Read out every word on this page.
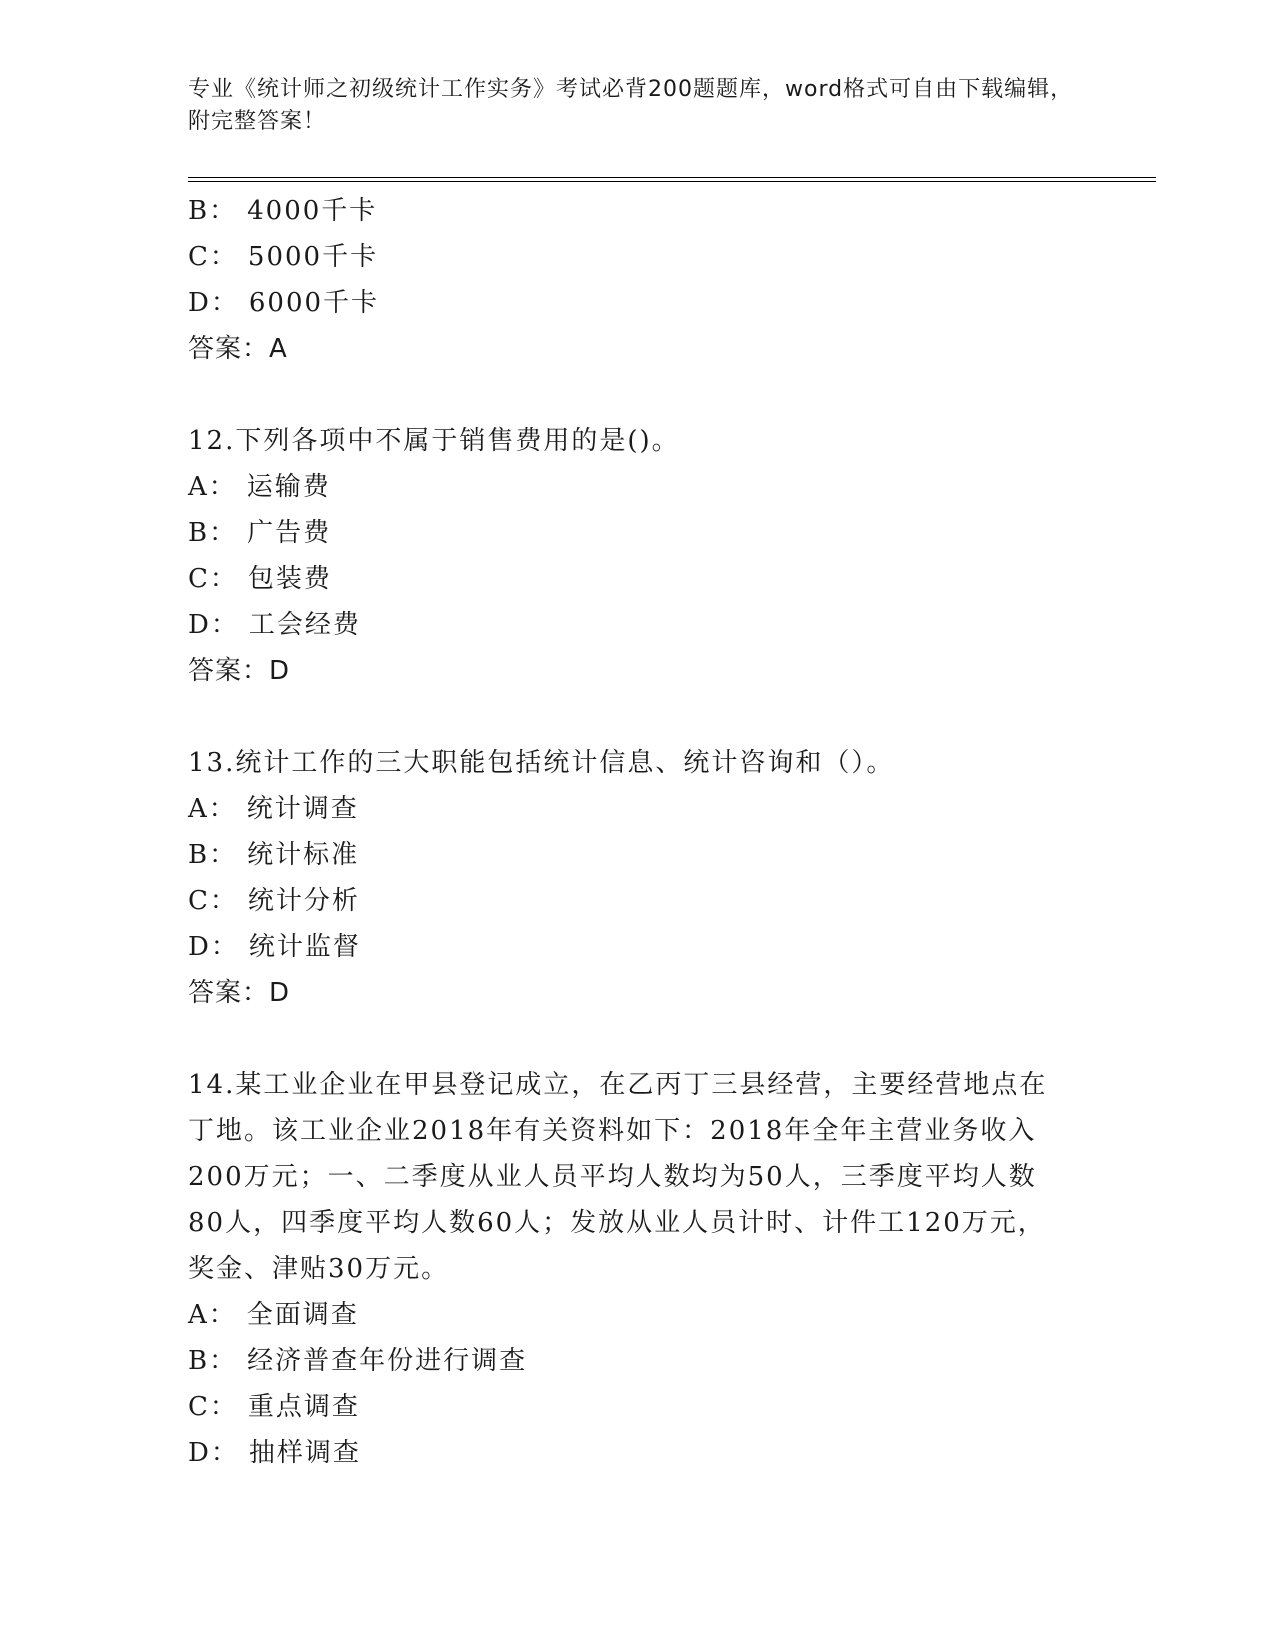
专业《统计师之初级统计工作实务》考试必背200题题库，word格式可自由下载编辑，附完整答案！
B： 4000千卡
C： 5000千卡
D： 6000千卡
答案：A
12.下列各项中不属于销售费用的是()。
A： 运输费
B： 广告费
C： 包装费
D： 工会经费
答案：D
13.统计工作的三大职能包括统计信息、统计咨询和（）。
A： 统计调查
B： 统计标准
C： 统计分析
D： 统计监督
答案：D
14.某工业企业在甲县登记成立，在乙丙丁三县经营，主要经营地点在丁地。该工业企业2018年有关资料如下：2018年全年主营业务收入200万元；一、二季度从业人员平均人数均为50人，三季度平均人数80人，四季度平均人数60人；发放从业人员计时、计件工120万元，奖金、津贴30万元。
A： 全面调查
B： 经济普查年份进行调查
C： 重点调查
D： 抽样调查
